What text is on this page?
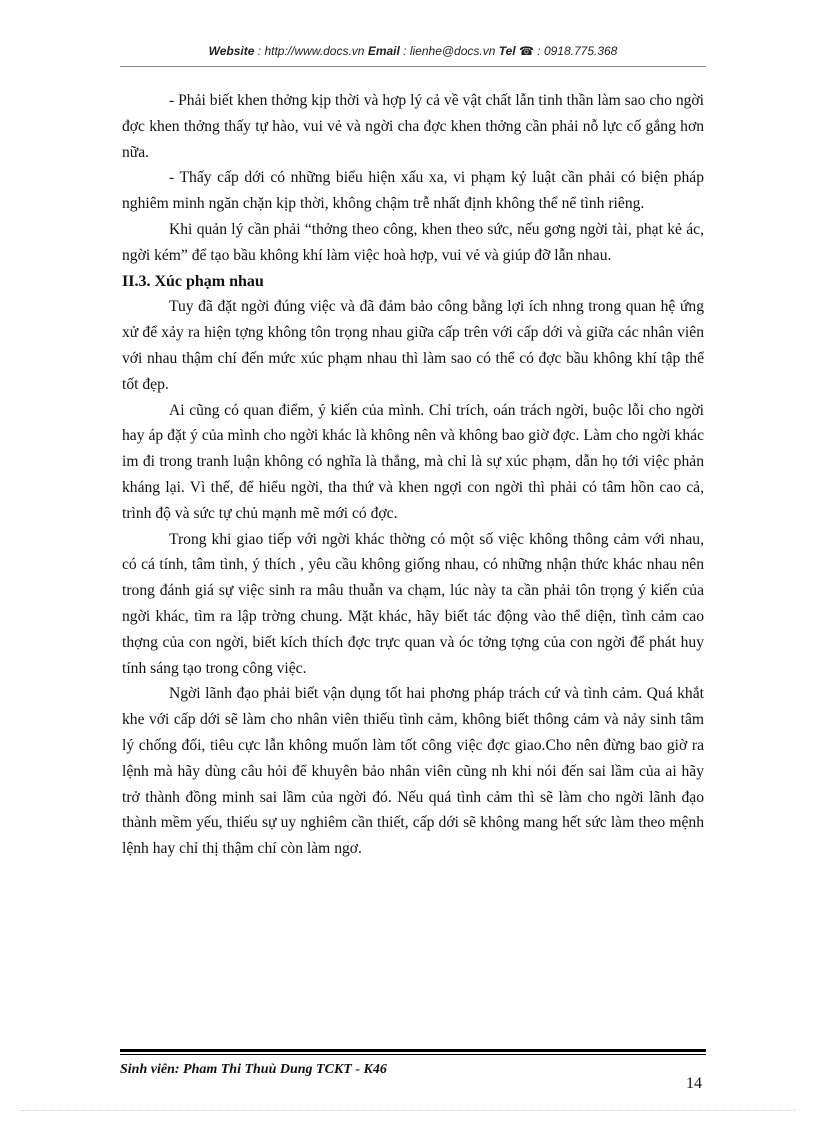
Website : http://www.docs.vn Email : lienhe@docs.vn Tel ☎ : 0918.775.368

- Phải biết khen thởng kịp thời và hợp lý cả về vật chất lẫn tinh thần làm sao cho ngời đợc khen thởng thấy tự hào, vui vẻ và ngời cha đợc khen thởng cần phải nỗ lực cố gắng hơn nữa.

- Thấy cấp dới có những biểu hiện xấu xa, vi phạm kỷ luật cần phải có biện pháp nghiêm minh ngăn chặn kịp thời, không chậm trễ nhất định không thể nể tình riêng.

Khi quản lý cần phải “thởng theo công, khen theo sức, nếu gơng ngời tài, phạt kẻ ác, ngời kém” để tạo bầu không khí làm việc hoà hợp, vui vẻ và giúp đỡ lẫn nhau.

II.3. Xúc phạm nhau

Tuy đã đặt ngời đúng việc và đã đảm bảo công bằng lợi ích nhng trong quan hệ ứng xử để xảy ra hiện tợng không tôn trọng nhau giữa cấp trên với cấp dới và giữa các nhân viên với nhau thậm chí đến mức xúc phạm nhau thì làm sao có thể có đợc bầu không khí tập thể tốt đẹp.

Ai cũng có quan điểm, ý kiến của mình. Chỉ trích, oán trách ngời, buộc lỗi cho ngời hay áp đặt ý của mình cho ngời khác là không nên và không bao giờ đợc. Làm cho ngời khác im đi trong tranh luận không có nghĩa là thắng, mà chỉ là sự xúc phạm, dẫn họ tới việc phản kháng lại. Vì thế, để hiểu ngời, tha thứ và khen ngợi con ngời thì phải có tâm hồn cao cả, trình độ và sức tự chủ mạnh mẽ mới có đợc.

Trong khi giao tiếp với ngời khác thờng có một số việc không thông cảm với nhau, có cá tính, tâm tình, ý thích , yêu cầu không giống nhau, có những nhận thức khác nhau nên trong đánh giá sự việc sinh ra mâu thuẫn va chạm, lúc này ta cần phải tôn trọng ý kiến của ngời khác, tìm ra lập trờng chung. Mặt khác, hãy biết tác động vào thể diện, tình cảm cao thợng của con ngời, biết kích thích đợc trực quan và óc tởng tợng của con ngời để phát huy tính sáng tạo trong công việc.

Ngời lãnh đạo phải biết vận dụng tốt hai phơng pháp trách cứ và tình cảm. Quá khắt khe với cấp dới sẽ làm cho nhân viên thiếu tình cảm, không biết thông cảm và nảy sinh tâm lý chống đối, tiêu cực lẫn không muốn làm tốt công việc đợc giao.Cho nên đừng bao giờ ra lệnh mà hãy dùng câu hỏi để khuyên bảo nhân viên cũng nh khi nói đến sai lầm của ai hãy trở thành đồng minh sai lầm của ngời đó. Nếu quá tình cảm thì sẽ làm cho ngời lãnh đạo thành mềm yếu, thiếu sự uy nghiêm cần thiết, cấp dới sẽ không mang hết sức làm theo mệnh lệnh hay chỉ thị thậm chí còn làm ngơ.

Sinh viên: Pham Thi Thuù Dung TCKT - K46
14
